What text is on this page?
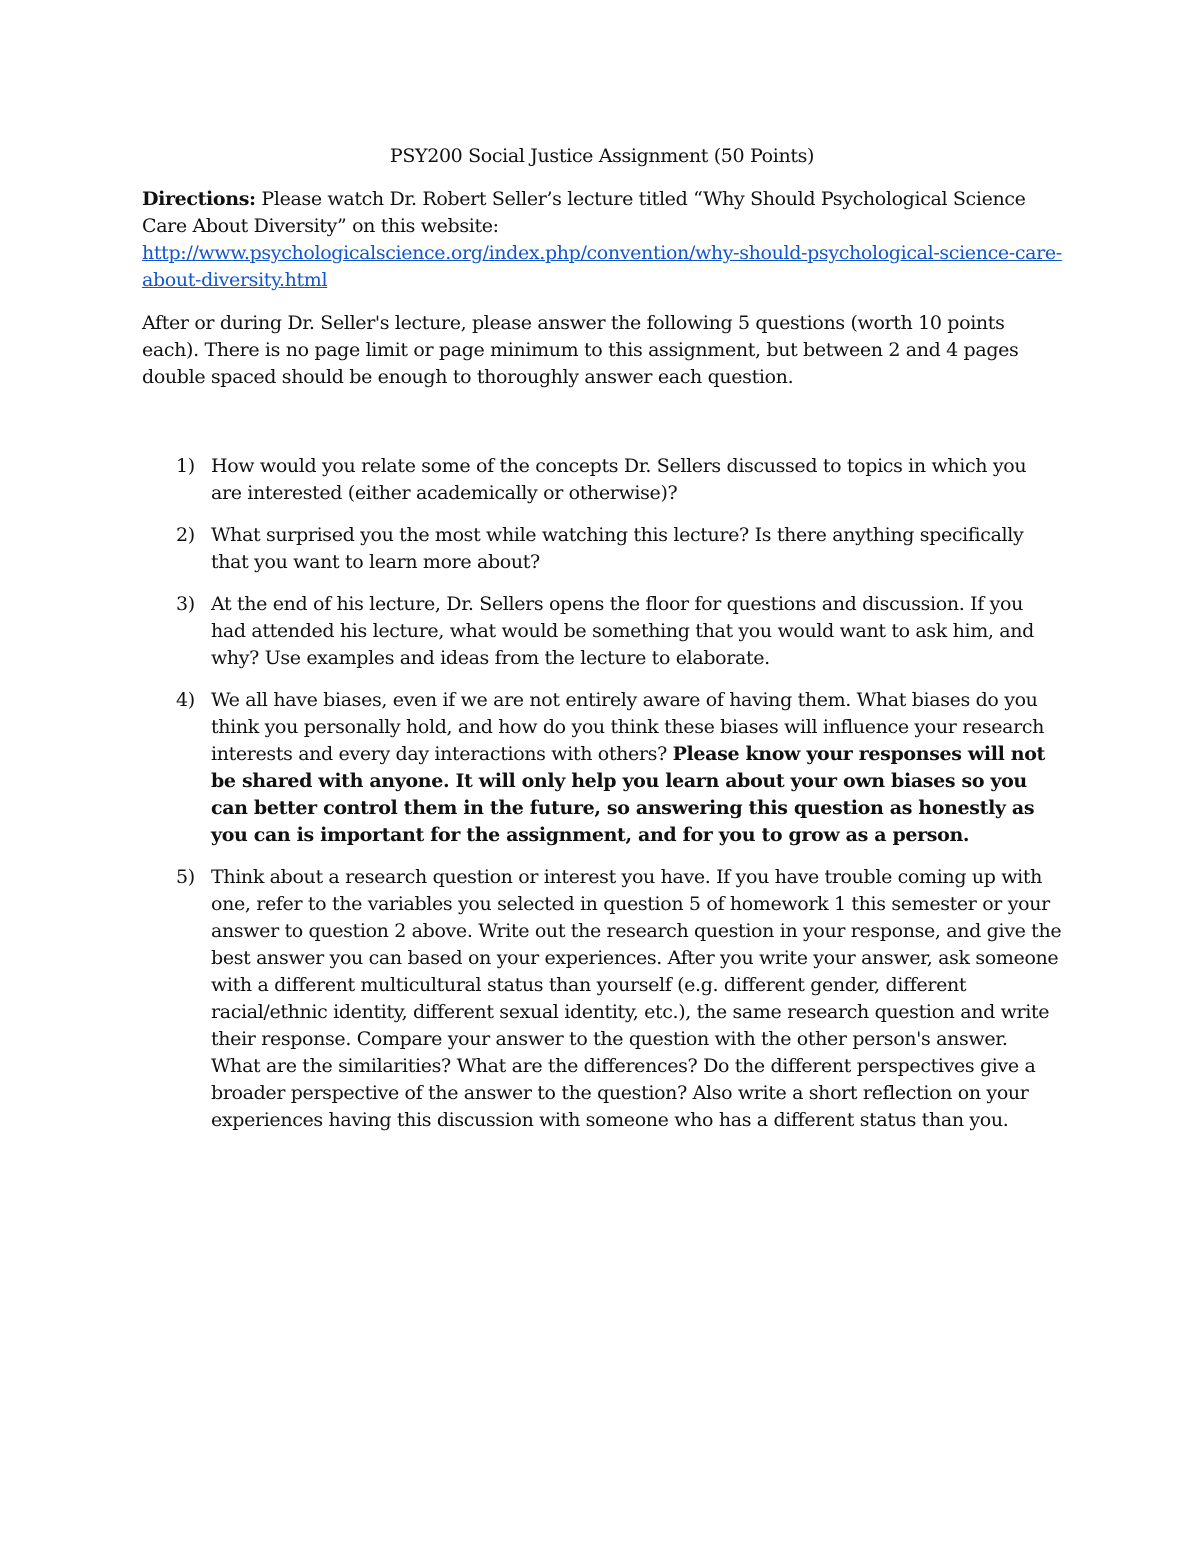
PSY200 Social Justice Assignment (50 Points)

Directions: Please watch Dr. Robert Seller’s lecture titled “Why Should Psychological Science Care About Diversity” on this website: http://www.psychologicalscience.org/index.php/convention/why-should-psychological-science-care-about-diversity.html

After or during Dr. Seller's lecture, please answer the following 5 questions (worth 10 points each). There is no page limit or page minimum to this assignment, but between 2 and 4 pages double spaced should be enough to thoroughly answer each question.

1) How would you relate some of the concepts Dr. Sellers discussed to topics in which you are interested (either academically or otherwise)?
2) What surprised you the most while watching this lecture? Is there anything specifically that you want to learn more about?
3) At the end of his lecture, Dr. Sellers opens the floor for questions and discussion. If you had attended his lecture, what would be something that you would want to ask him, and why? Use examples and ideas from the lecture to elaborate.
4) We all have biases, even if we are not entirely aware of having them. What biases do you think you personally hold, and how do you think these biases will influence your research interests and every day interactions with others? Please know your responses will not be shared with anyone. It will only help you learn about your own biases so you can better control them in the future, so answering this question as honestly as you can is important for the assignment, and for you to grow as a person.
5) Think about a research question or interest you have. If you have trouble coming up with one, refer to the variables you selected in question 5 of homework 1 this semester or your answer to question 2 above. Write out the research question in your response, and give the best answer you can based on your experiences. After you write your answer, ask someone with a different multicultural status than yourself (e.g. different gender, different racial/ethnic identity, different sexual identity, etc.), the same research question and write their response. Compare your answer to the question with the other person's answer. What are the similarities? What are the differences? Do the different perspectives give a broader perspective of the answer to the question? Also write a short reflection on your experiences having this discussion with someone who has a different status than you.
